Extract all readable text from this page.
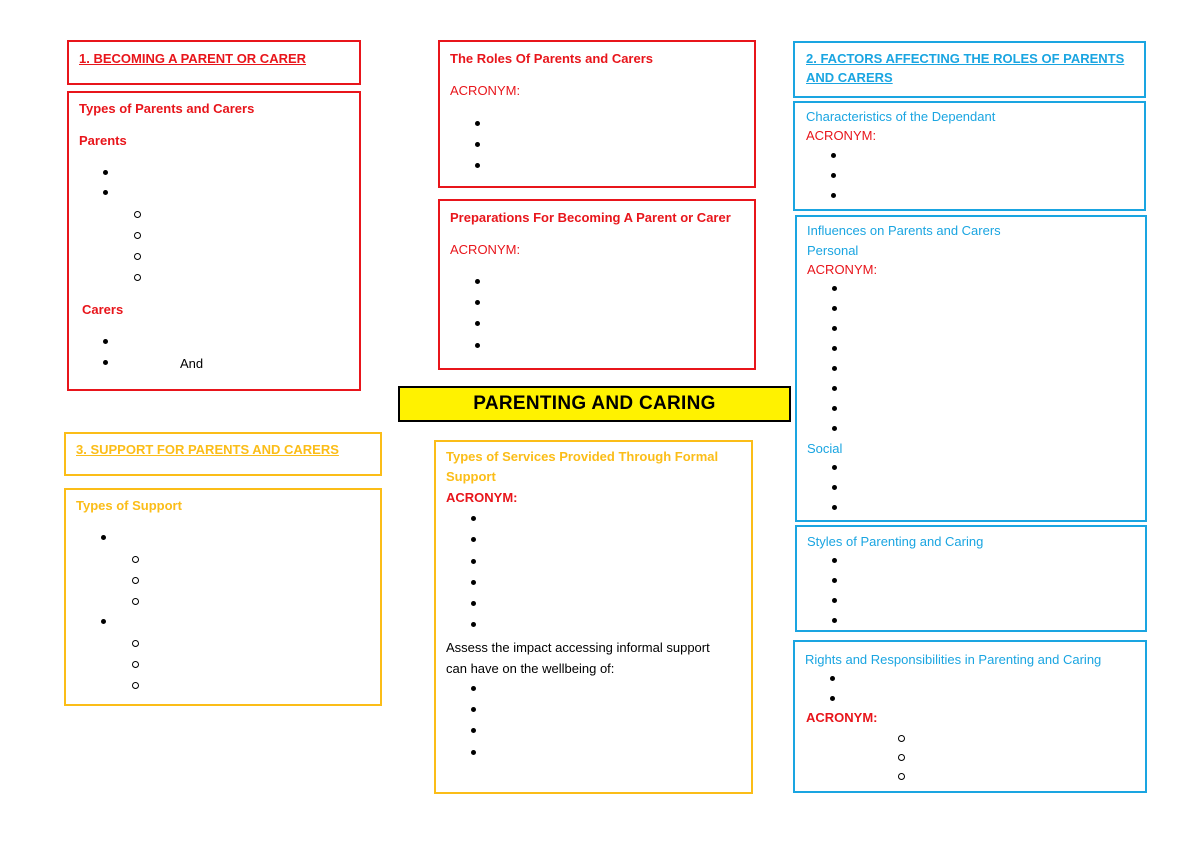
1. BECOMING A PARENT OR CARER
Types of Parents and Carers
Parents
Carers
And
3. SUPPORT FOR PARENTS AND CARERS
Types of Support
The Roles Of Parents and Carers
ACRONYM:
Preparations For Becoming A Parent or Carer
ACRONYM:
PARENTING AND CARING
Types of Services Provided Through Formal
Support
ACRONYM:
Assess the impact accessing informal support
can have on the wellbeing of:
2. FACTORS AFFECTING THE ROLES OF PARENTS
AND CARERS
Characteristics of the Dependant
ACRONYM:
Influences on Parents and Carers
Personal
ACRONYM:
Social
Styles of Parenting and Caring
Rights and Responsibilities in Parenting and Caring
ACRONYM:
